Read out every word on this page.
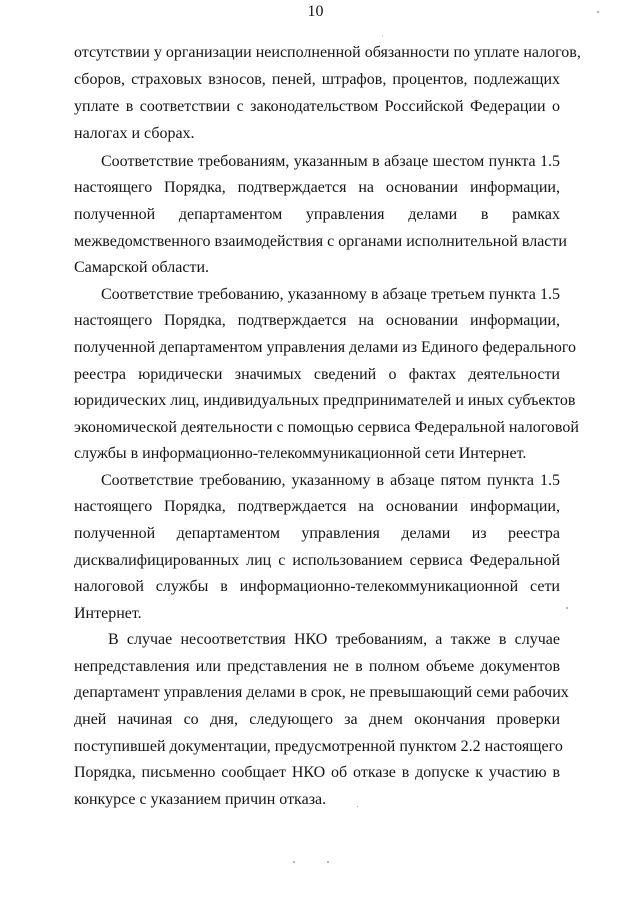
10
отсутствии у организации неисполненной обязанности по уплате налогов,
сборов, страховых взносов, пеней, штрафов, процентов, подлежащих
уплате в соответствии с законодательством Российской Федерации о
налогах и сборах.
Соответствие требованиям, указанным в абзаце шестом пункта 1.5
настоящего Порядка, подтверждается на основании информации,
полученной департаментом управления делами в рамках
межведомственного взаимодействия с органами исполнительной власти
Самарской области.
Соответствие требованию, указанному в абзаце третьем пункта 1.5
настоящего Порядка, подтверждается на основании информации,
полученной департаментом управления делами из Единого федерального
реестра юридически значимых сведений о фактах деятельности
юридических лиц, индивидуальных предпринимателей и иных субъектов
экономической деятельности с помощью сервиса Федеральной налоговой
службы в информационно-телекоммуникационной сети Интернет.
Соответствие требованию, указанному в абзаце пятом пункта 1.5
настоящего Порядка, подтверждается на основании информации,
полученной департаментом управления делами из реестра
дисквалифицированных лиц с использованием сервиса Федеральной
налоговой службы в информационно-телекоммуникационной сети
Интернет.
В случае несоответствия НКО требованиям, а также в случае
непредставления или представления не в полном объеме документов
департамент управления делами в срок, не превышающий семи рабочих
дней начиная со дня, следующего за днем окончания проверки
поступившей документации, предусмотренной пунктом 2.2 настоящего
Порядка, письменно сообщает НКО об отказе в допуске к участию в
конкурсе с указанием причин отказа.
